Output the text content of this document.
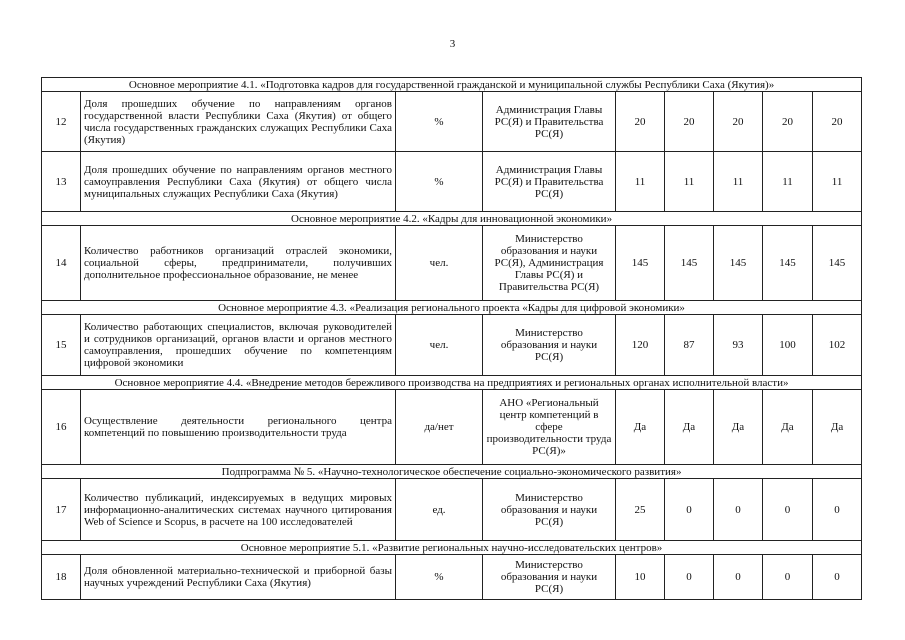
3
Основное мероприятие 4.1. «Подготовка кадров для государственной гражданской и муниципальной службы Республики Саха (Якутия)»								
12	Доля прошедших обучение по направлениям органов государственной власти Республики Саха (Якутия) от общего числа государственных гражданских служащих Республики Саха (Якутия)	%	Администрация Главы РС(Я) и Правительства РС(Я)	20	20	20	20	20
13	Доля прошедших обучение по направлениям органов местного самоуправления Республики Саха (Якутия) от общего числа муниципальных служащих Республики Саха (Якутия)	%	Администрация Главы РС(Я) и Правительства РС(Я)	11	11	11	11	11
Основное мероприятие 4.2. «Кадры для инновационной экономики»								
14	Количество работников организаций отраслей экономики, социальной сферы, предприниматели, получивших дополнительное профессиональное образование, не менее	чел.	Министерство образования и науки РС(Я), Администрация Главы РС(Я) и Правительства РС(Я)	145	145	145	145	145
Основное мероприятие 4.3. «Реализация регионального проекта «Кадры для цифровой экономики»								
15	Количество работающих специалистов, включая руководителей и сотрудников организаций, органов власти и органов местного самоуправления, прошедших обучение по компетенциям цифровой экономики	чел.	Министерство образования и науки РС(Я)	120	87	93	100	102
Основное мероприятие 4.4. «Внедрение методов бережливого производства на предприятиях и региональных органах исполнительной власти»								
16	Осуществление деятельности регионального центра компетенций по повышению производительности труда	да/нет	АНО «Региональный центр компетенций в сфере производительности труда РС(Я)»	Да	Да	Да	Да	Да
Подпрограмма № 5. «Научно-технологическое обеспечение социально-экономического развития»								
17	Количество публикаций, индексируемых в ведущих мировых информационно-аналитических системах научного цитирования Web of Science и Scopus, в расчете на 100 исследователей	ед.	Министерство образования и науки РС(Я)	25	0	0	0	0
Основное мероприятие 5.1. «Развитие региональных научно-исследовательских центров»								
18	Доля обновленной материально-технической и приборной базы научных учреждений Республики Саха (Якутия)	%	Министерство образования и науки РС(Я)	10	0	0	0	0
